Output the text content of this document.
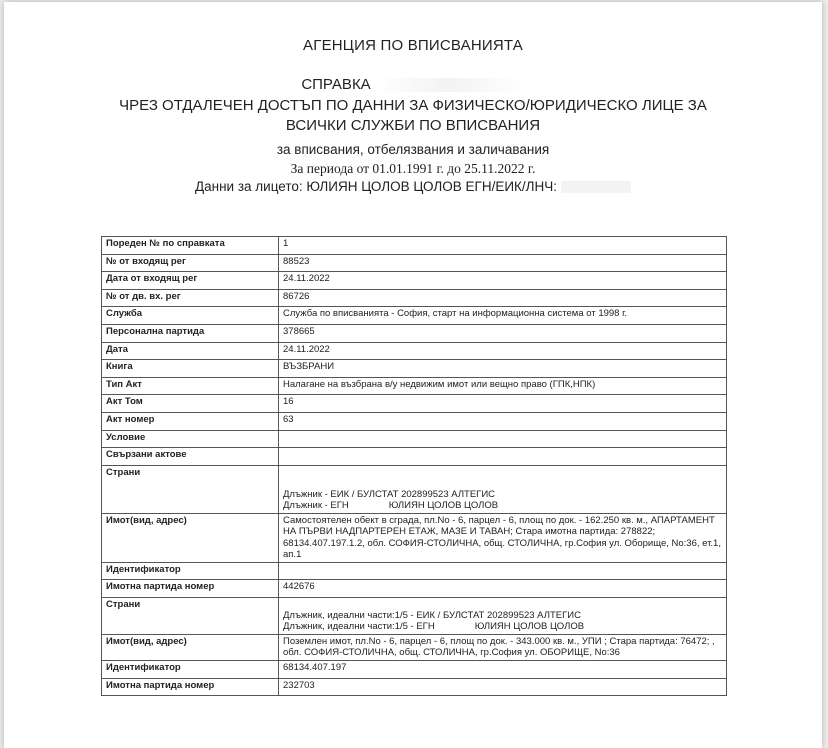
АГЕНЦИЯ ПО ВПИСВАНИЯТА
СПРАВКА
ЧРЕЗ ОТДАЛЕЧЕН ДОСТЪП ПО ДАННИ ЗА ФИЗИЧЕСКО/ЮРИДИЧЕСКО ЛИЦЕ ЗА
ВСИЧКИ СЛУЖБИ ПО ВПИСВАНИЯ
за вписвания, отбелязвания и заличавания
За периода от 01.01.1991 г. до 25.11.2022 г.
Данни за лицето: ЮЛИЯН ЦОЛОВ ЦОЛОВ ЕГН/ЕИК/ЛНЧ:
Пореден № по справката	1
№ от входящ рег	88523
Дата от входящ рег	24.11.2022
№ от дв. вх. рег	86726
Служба	Служба по вписванията - София, старт на информационна система от 1998 г.
Персонална партида	378665
Дата	24.11.2022
Книга	ВЪЗБРАНИ
Тип Акт	Налагане на възбрана в/у недвижим имот или вещно право (ГПК,НПК)
Акт Том	16
Акт номер	63
Условие	
Свързани актове	
Страни	Длъжник - ЕИК / БУЛСТАТ 202899523 АЛТЕГИС
Длъжник - ЕГН ЮЛИЯН ЦОЛОВ ЦОЛОВ

Имот(вид, адрес)	Самостоятелен обект в сграда, пл.No - 6, парцел - 6, площ по док. - 162.250 кв. м., АПАРТАМЕНТ НА ПЪРВИ НАДПАРТЕРЕН ЕТАЖ, МАЗЕ И ТАВАН; Стара имотна партида: 278822; 68134.407.197.1.2, обл. СОФИЯ-СТОЛИЧНА, общ. СТОЛИЧНА, гр.София ул. Оборище, No:36, ет.1, ап.1
Идентификатор	
Имотна партида номер	442676
Страни	Длъжник, идеални части:1/5 - ЕИК / БУЛСТАТ 202899523 АЛТЕГИС
Длъжник, идеални части:1/5 - ЕГН ЮЛИЯН ЦОЛОВ ЦОЛОВ

Имот(вид, адрес)	Поземлен имот, пл.No - 6, парцел - 6, площ по док. - 343.000 кв. м., УПИ ; Стара партида: 76472; , обл. СОФИЯ-СТОЛИЧНА, общ. СТОЛИЧНА, гр.София ул. ОБОРИЩЕ, No:36
Идентификатор	68134.407.197
Имотна партида номер	232703
